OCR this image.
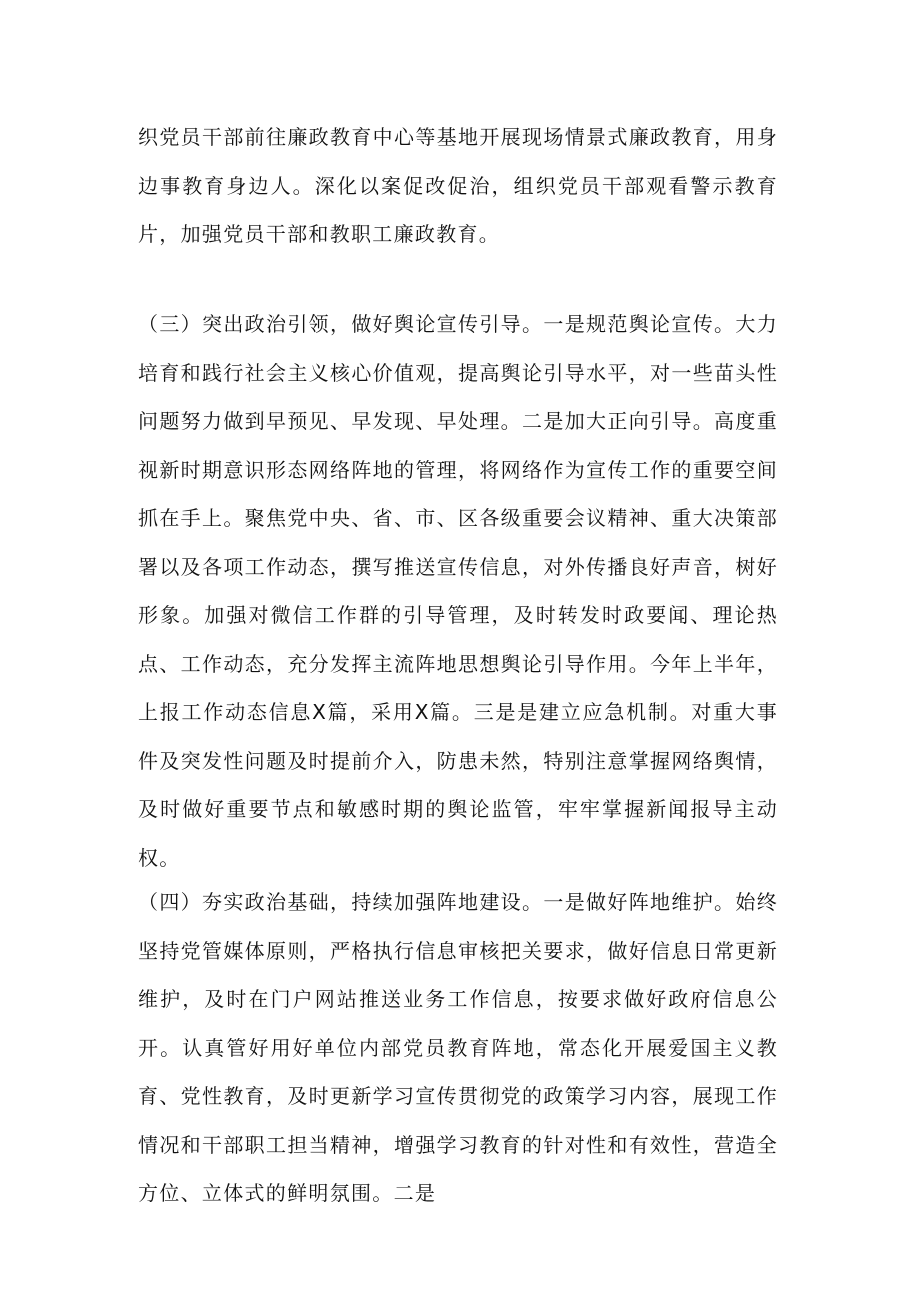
织党员干部前往廉政教育中心等基地开展现场情景式廉政教育，用身边事教育身边人。深化以案促改促治，组织党员干部观看警示教育片，加强党员干部和教职工廉政教育。

（三）突出政治引领，做好舆论宣传引导。一是规范舆论宣传。大力培育和践行社会主义核心价值观，提高舆论引导水平，对一些苗头性问题努力做到早预见、早发现、早处理。二是加大正向引导。高度重视新时期意识形态网络阵地的管理，将网络作为宣传工作的重要空间抓在手上。聚焦党中央、省、市、区各级重要会议精神、重大决策部署以及各项工作动态，撰写推送宣传信息，对外传播良好声音，树好形象。加强对微信工作群的引导管理，及时转发时政要闻、理论热点、工作动态，充分发挥主流阵地思想舆论引导作用。今年上半年，上报工作动态信息X篇，采用X篇。三是是建立应急机制。对重大事件及突发性问题及时提前介入，防患未然，特别注意掌握网络舆情，及时做好重要节点和敏感时期的舆论监管，牢牢掌握新闻报导主动权。

（四）夯实政治基础，持续加强阵地建设。一是做好阵地维护。始终坚持党管媒体原则，严格执行信息审核把关要求，做好信息日常更新维护，及时在门户网站推送业务工作信息，按要求做好政府信息公开。认真管好用好单位内部党员教育阵地，常态化开展爱国主义教育、党性教育，及时更新学习宣传贯彻党的政策学习内容，展现工作情况和干部职工担当精神，增强学习教育的针对性和有效性，营造全方位、立体式的鲜明氛围。二是
